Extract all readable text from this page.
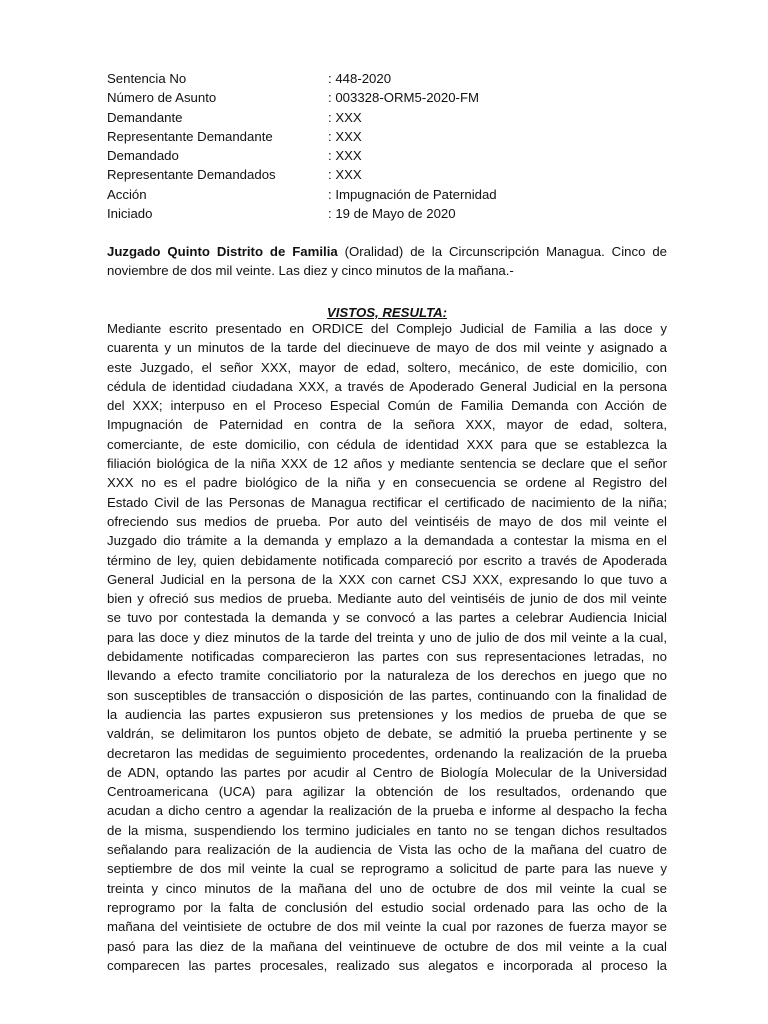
Sentencia No	: 448-2020
Número de Asunto	: 003328-ORM5-2020-FM
Demandante	: XXX
Representante Demandante	: XXX
Demandado	: XXX
Representante Demandados	: XXX
Acción	: Impugnación de Paternidad
Iniciado	: 19 de Mayo de 2020

Juzgado Quinto Distrito de Familia (Oralidad) de la Circunscripción Managua. Cinco de
noviembre de dos mil veinte. Las diez y cinco minutos de la mañana.-

VISTOS, RESULTA:

Mediante escrito presentado en ORDICE del Complejo Judicial de Familia a las doce y
cuarenta y un minutos de la tarde del diecinueve de mayo de dos mil veinte y asignado a
este Juzgado, el señor XXX, mayor de edad, soltero, mecánico, de este domicilio, con
cédula de identidad ciudadana XXX, a través de Apoderado General Judicial en la persona
del XXX; interpuso en el Proceso Especial Común de Familia Demanda con Acción de
Impugnación de Paternidad en contra de la señora XXX, mayor de edad, soltera,
comerciante, de este domicilio, con cédula de identidad XXX para que se establezca la
filiación biológica de la niña XXX de 12 años y mediante sentencia se declare que el señor
XXX no es el padre biológico de la niña y en consecuencia se ordene al Registro del
Estado Civil de las Personas de Managua rectificar el certificado de nacimiento de la niña;
ofreciendo sus medios de prueba. Por auto del veintiséis de mayo de dos mil veinte el
Juzgado dio trámite a la demanda y emplazo a la demandada a contestar la misma en el
término de ley, quien debidamente notificada compareció por escrito a través de Apoderada
General Judicial en la persona de la XXX con carnet CSJ XXX, expresando lo que tuvo a
bien y ofreció sus medios de prueba. Mediante auto del veintiséis de junio de dos mil veinte
se tuvo por contestada la demanda y se convocó a las partes a celebrar Audiencia Inicial
para las doce y diez minutos de la tarde del treinta y uno de julio de dos mil veinte a la cual,
debidamente notificadas comparecieron las partes con sus representaciones letradas, no
llevando a efecto tramite conciliatorio por la naturaleza de los derechos en juego que no
son susceptibles de transacción o disposición de las partes, continuando con la finalidad de
la audiencia las partes expusieron sus pretensiones y los medios de prueba de que se
valdrán, se delimitaron los puntos objeto de debate, se admitió la prueba pertinente y se
decretaron las medidas de seguimiento procedentes, ordenando la realización de la prueba
de ADN, optando las partes por acudir al Centro de Biología Molecular de la Universidad
Centroamericana (UCA) para agilizar la obtención de los resultados, ordenando que
acudan a dicho centro a agendar la realización de la prueba e informe al despacho la fecha
de la misma, suspendiendo los termino judiciales en tanto no se tengan dichos resultados
señalando para realización de la audiencia de Vista las ocho de la mañana del cuatro de
septiembre de dos mil veinte la cual se reprogramo a solicitud de parte para las nueve y
treinta y cinco minutos de la mañana del uno de octubre de dos mil veinte la cual se
reprogramo por la falta de conclusión del estudio social ordenado para las ocho de la
mañana del veintisiete de octubre de dos mil veinte la cual por razones de fuerza mayor se
pasó para las diez de la mañana del veintinueve de octubre de dos mil veinte a la cual
comparecen las partes procesales, realizado sus alegatos e incorporada al proceso la
